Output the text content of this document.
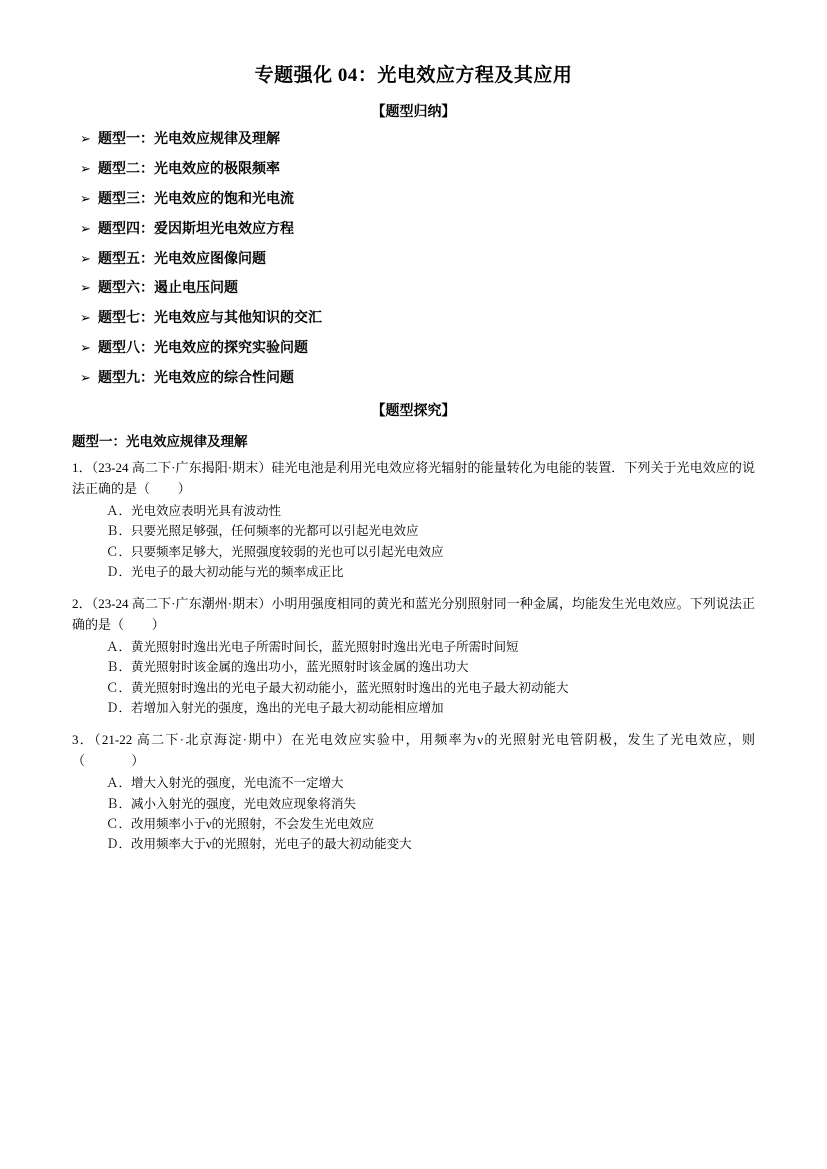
专题强化 04：光电效应方程及其应用
【题型归纳】
➢ 题型一：光电效应规律及理解
➢ 题型二：光电效应的极限频率
➢ 题型三：光电效应的饱和光电流
➢ 题型四：爱因斯坦光电效应方程
➢ 题型五：光电效应图像问题
➢ 题型六：遏止电压问题
➢ 题型七：光电效应与其他知识的交汇
➢ 题型八：光电效应的探究实验问题
➢ 题型九：光电效应的综合性问题
【题型探究】
题型一：光电效应规律及理解
1．（23-24 高二下·广东揭阳·期末）硅光电池是利用光电效应将光辐射的能量转化为电能的装置．下列关于光电效应的说法正确的是（ ）
Ａ．光电效应表明光具有波动性
Ｂ．只要光照足够强，任何频率的光都可以引起光电效应
Ｃ．只要频率足够大，光照强度较弱的光也可以引起光电效应
Ｄ．光电子的最大初动能与光的频率成正比
2．（23-24 高二下·广东潮州·期末）小明用强度相同的黄光和蓝光分别照射同一种金属，均能发生光电效应。下列说法正确的是（ ）
Ａ．黄光照射时逸出光电子所需时间长，蓝光照射时逸出光电子所需时间短
Ｂ．黄光照射时该金属的逸出功小，蓝光照射时该金属的逸出功大
Ｃ．黄光照射时逸出的光电子最大初动能小，蓝光照射时逸出的光电子最大初动能大
Ｄ．若增加入射光的强度，逸出的光电子最大初动能相应增加
3．（21-22 高二下·北京海淀·期中）在光电效应实验中，用频率为ν的光照射光电管阴极，发生了光电效应，则（	）
Ａ．增大入射光的强度，光电流不一定增大
Ｂ．减小入射光的强度，光电效应现象将消失
Ｃ．改用频率小于ν的光照射，不会发生光电效应
Ｄ．改用频率大于ν的光照射，光电子的最大初动能变大
